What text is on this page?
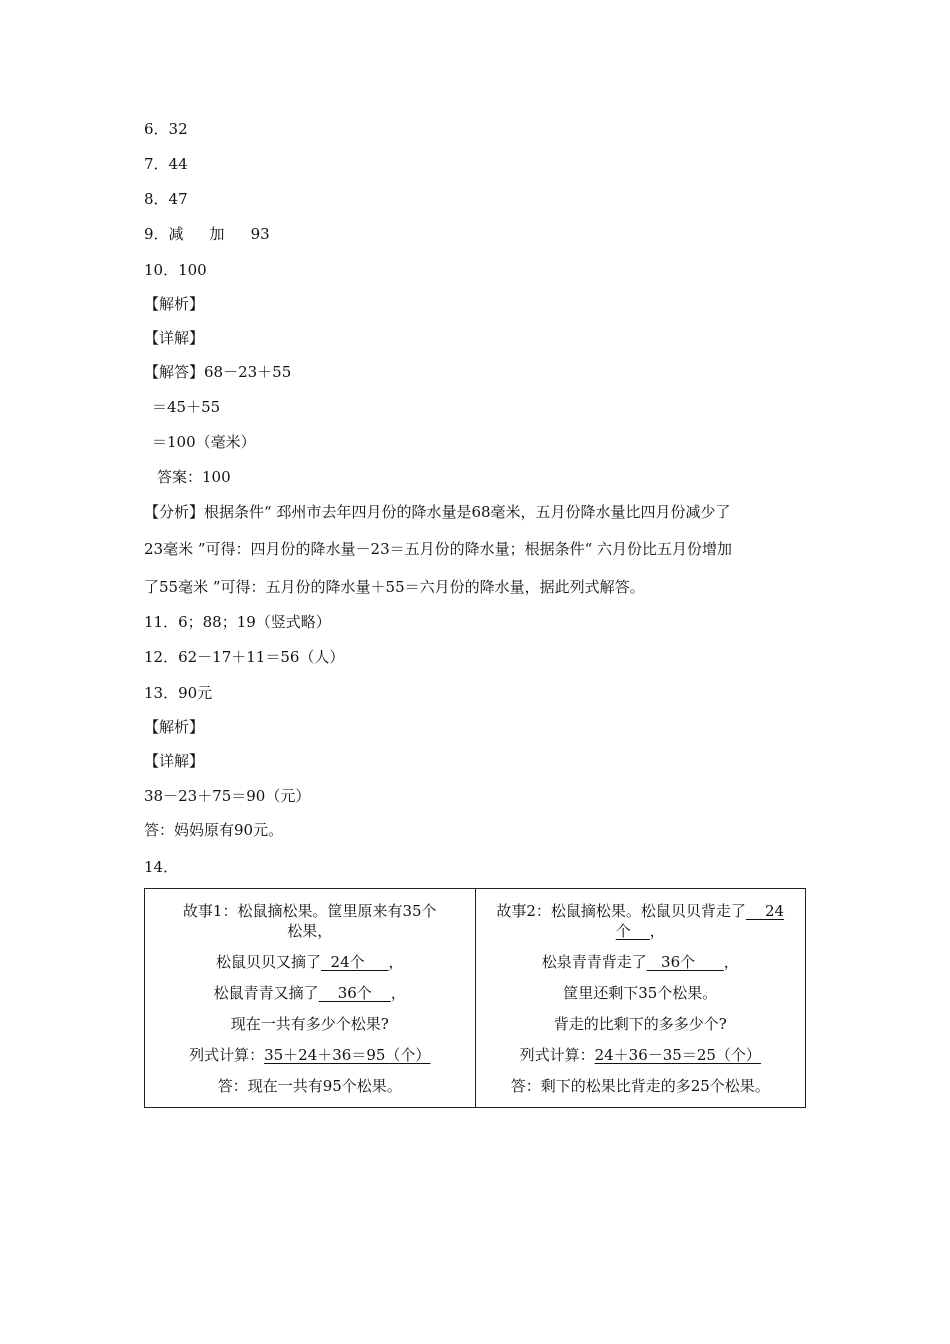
6．32
7．44
8．47
9．减 加 93
10．100
【解析】
【详解】
【解答】68－23＋55
＝45＋55
＝100（毫米）
答案：100
【分析】根据条件“ 邳州市去年四月份的降水量是68毫米，五月份降水量比四月份减少了
23毫米 ”可得：四月份的降水量－23＝五月份的降水量；根据条件“ 六月份比五月份增加
了55毫米 ”可得：五月份的降水量＋55＝六月份的降水量，据此列式解答。
11．6；88；19（竖式略）
12．62－17＋11＝56（人）
13．90元
【解析】
【详解】
38－23＋75＝90（元）
答：妈妈原有90元。
14．
故事1：松鼠摘松果。筐里原来有35个
松果，
松鼠贝贝又摘了  24个     ，
松鼠青青又摘了    36个    ，
现在一共有多少个松果?
列式计算：35＋24＋36＝95（个）
答：现在一共有95个松果。

故事2：松鼠摘松果。松鼠贝贝背走了    24
个    ，
松泉青青背走了   36个      ，
筐里还剩下35个松果。
背走的比剩下的多多少个?
列式计算：24＋36－35＝25（个）
答：剩下的松果比背走的多25个松果。
